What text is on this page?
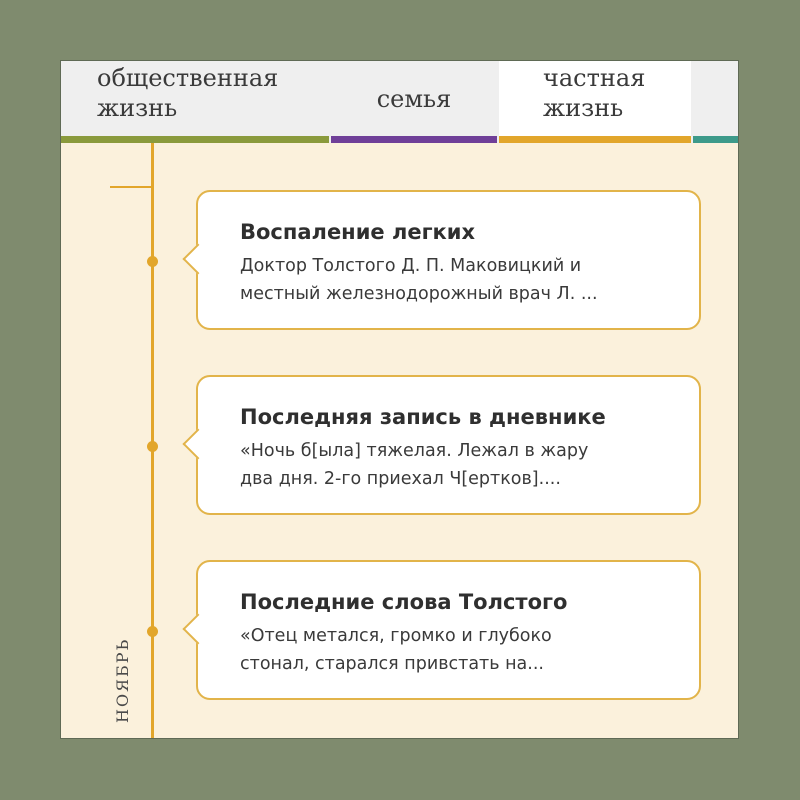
общественная
жизнь	семья
частная
жизнь
Воспаление легких
Доктор Толстого Д. П. Маковицкий и
местный железнодорожный врач Л. ...
Последняя запись в дневнике
«Ночь б[ыла] тяжелая. Лежал в жару
два дня. 2-го приехал Ч[ертков]....
Последние слова Толстого
«Отец метался, громко и глубоко
стонал, старался привстать на...
НОЯБРЬ
